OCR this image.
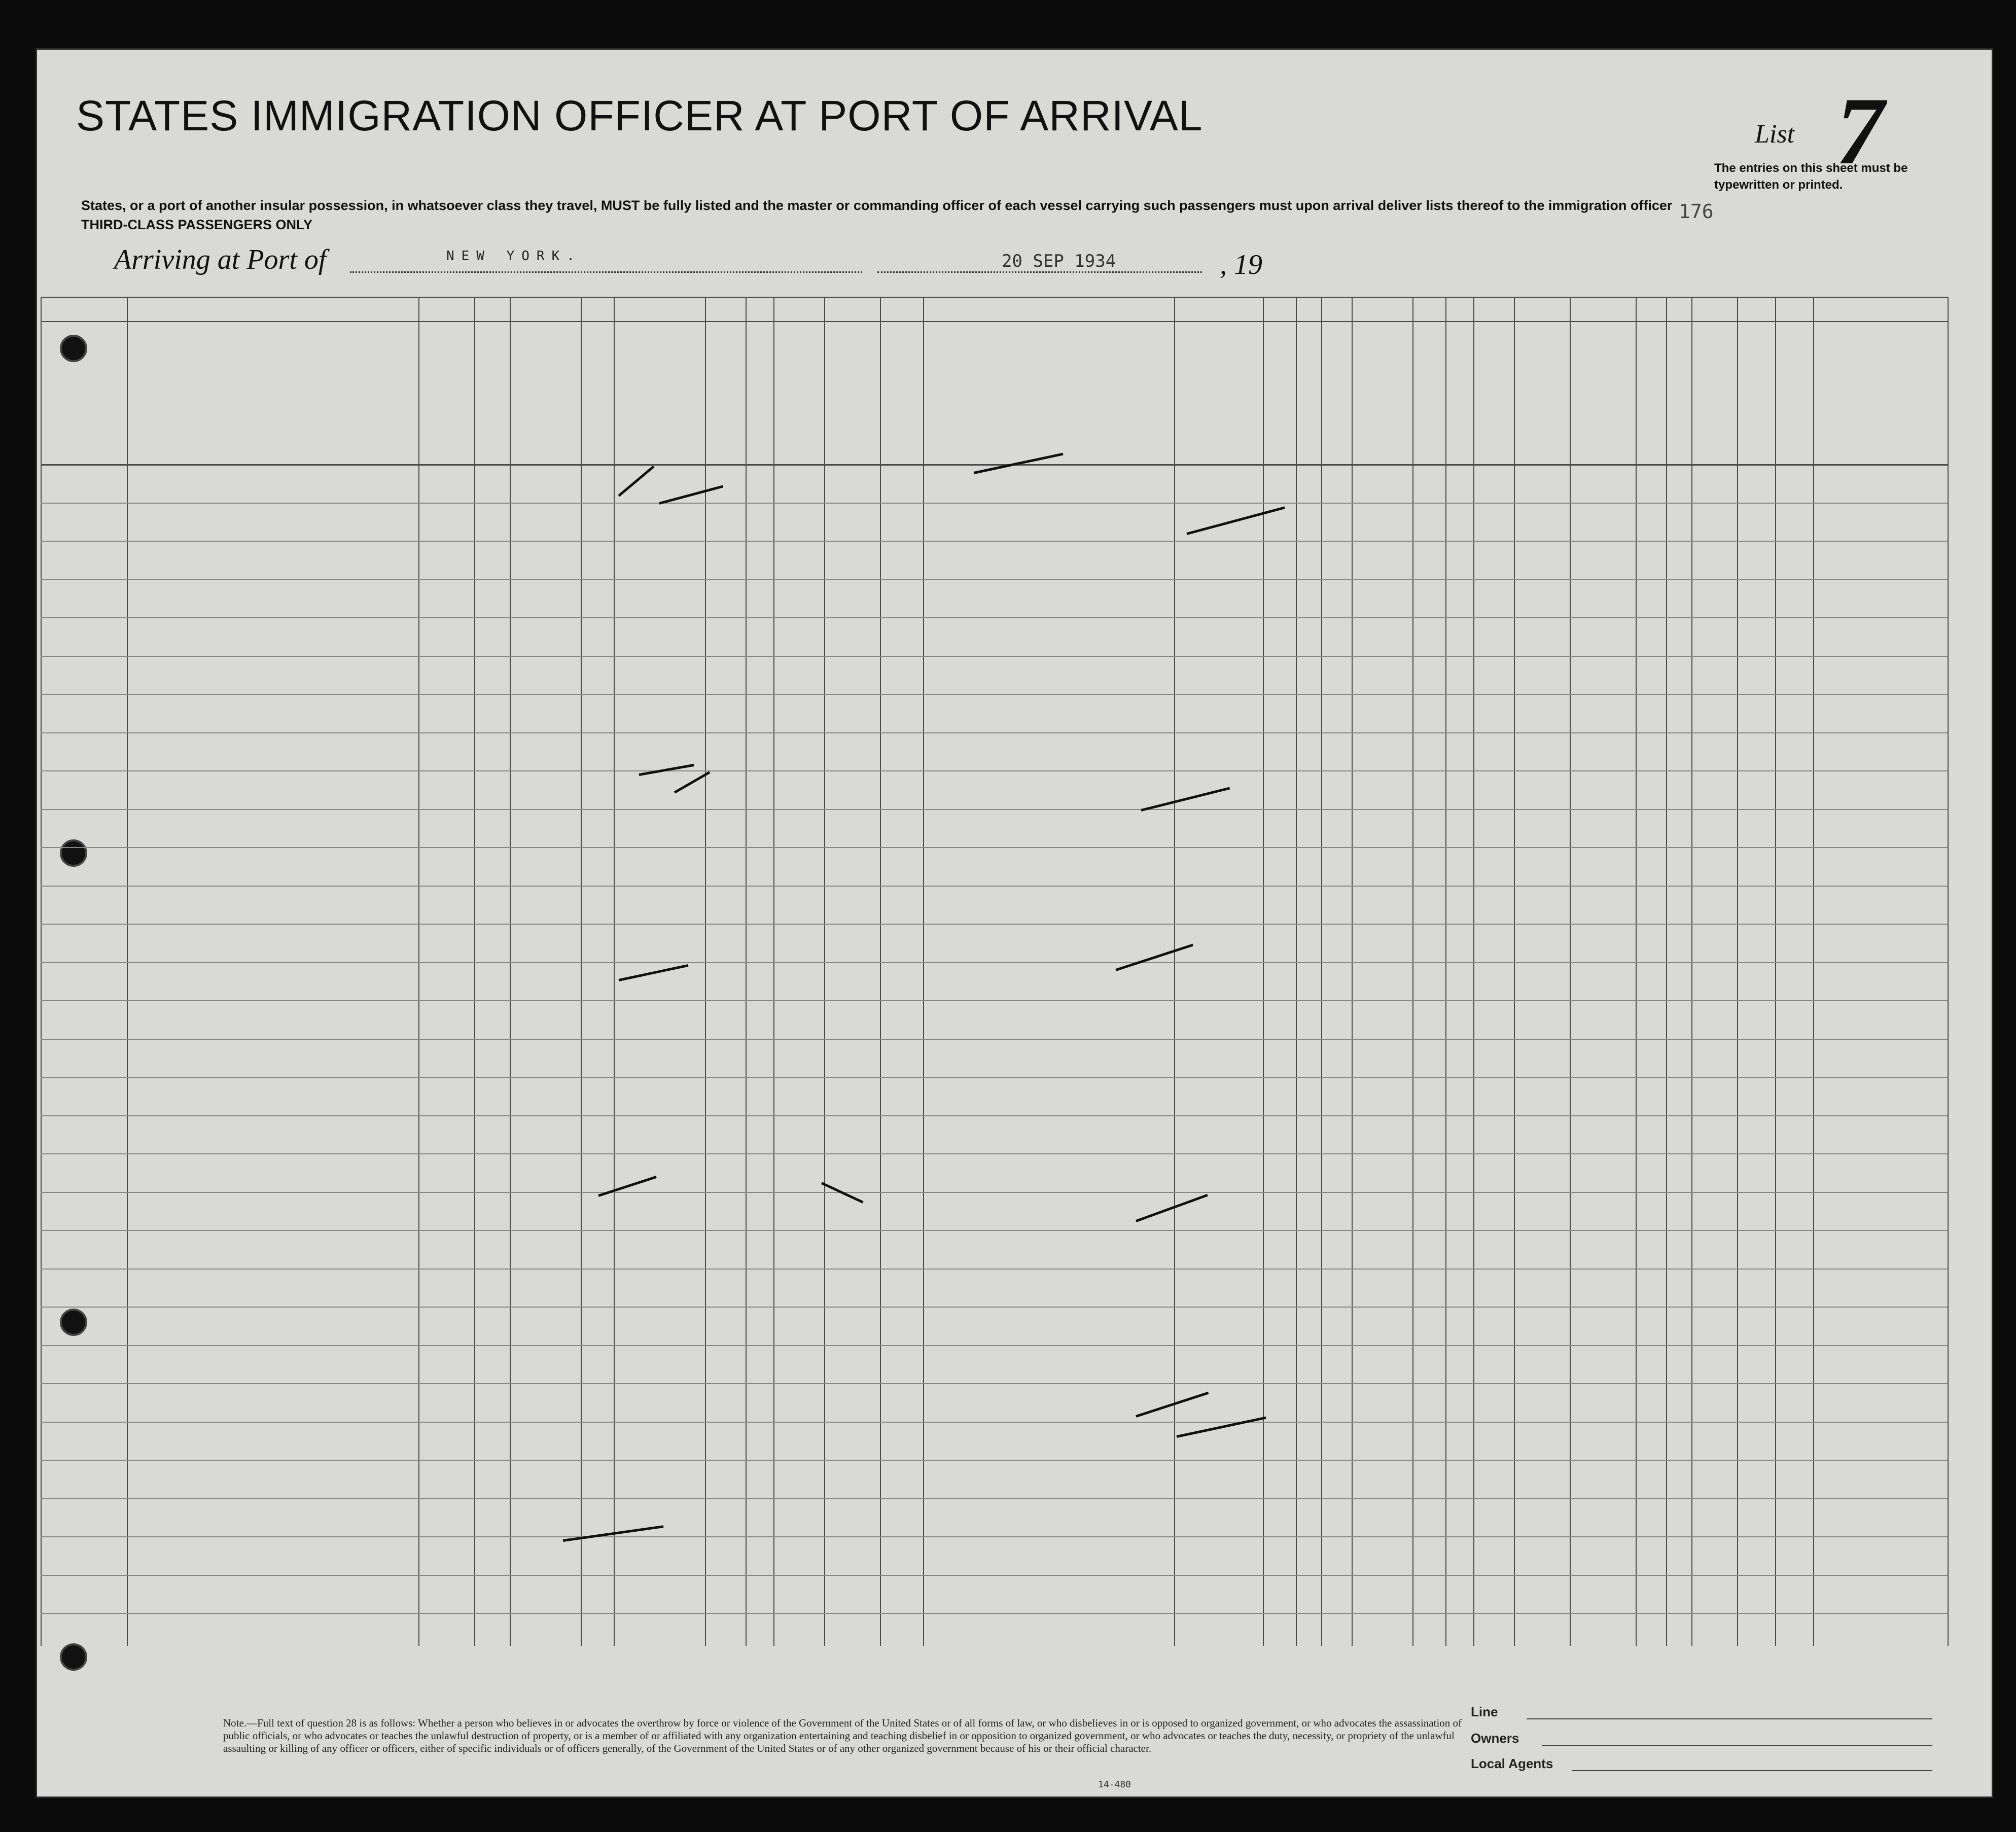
STATES IMMIGRATION OFFICER AT PORT OF ARRIVAL
States, or a port of another insular possession, in whatsoever class they travel, MUST be fully listed and the master or commanding officer of each vessel carrying such passengers must upon arrival deliver lists thereof to the immigration officer
THIRD-CLASS PASSENGERS ONLY
Arriving at Port of	NEW YORK.	20 SEP 1934	, 19
List 7
The entries on this sheet must be typewritten or printed.
176
Note.—Full text of question 28 is as follows: Whether a person who believes in or advocates the overthrow by force or violence of the Government of the United States or of all forms of law, or who disbelieves in or is opposed to organized government, or who advocates the assassination of public officials, or who advocates or teaches the unlawful destruction of property, or is a member of or affiliated with any organization entertaining and teaching disbelief in or opposition to organized government, or who advocates or teaches the duty, necessity, or propriety of the unlawful assaulting or killing of any officer or officers, either of specific individuals or of officers generally, of the Government of the United States or of any other organized government because of his or their official character.
Line
Owners
Local Agents
14-480
